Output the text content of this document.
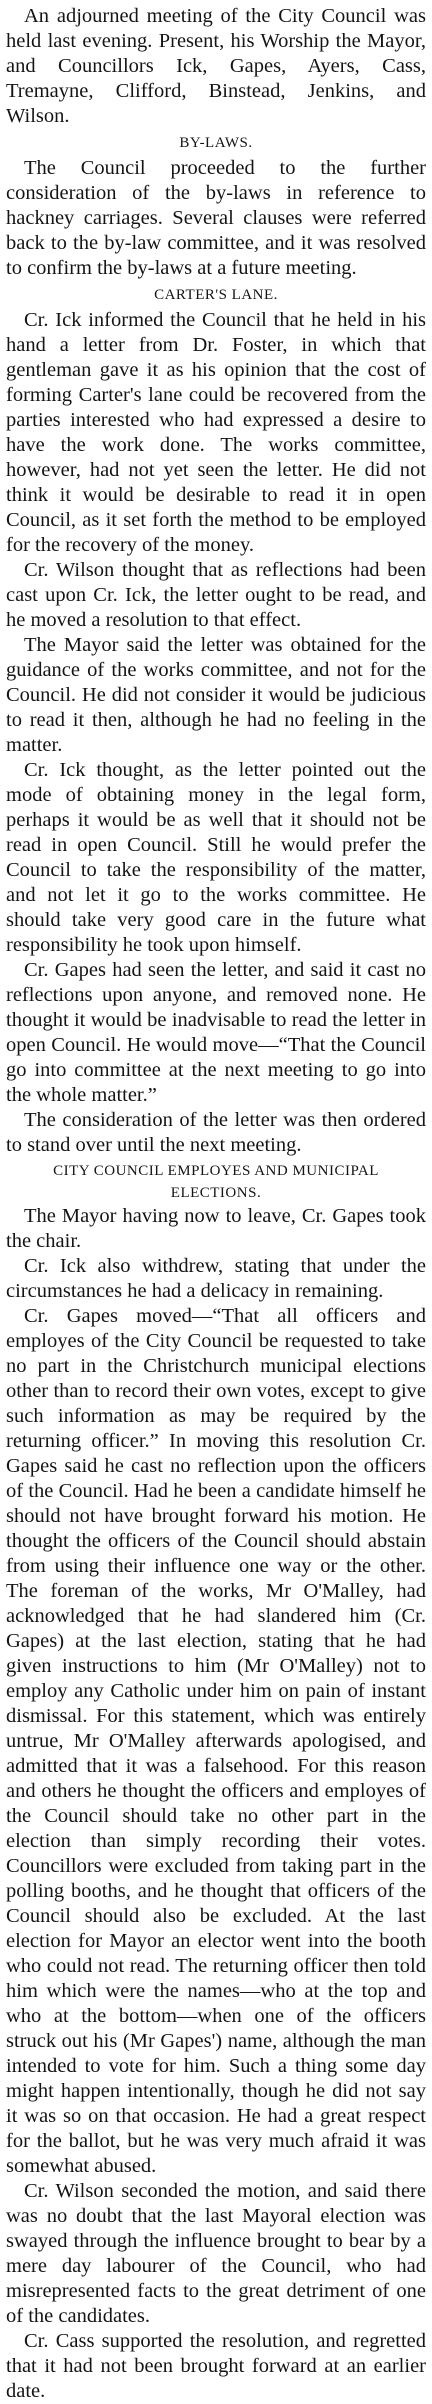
An adjourned meeting of the City Council was held last evening. Present, his Worship the Mayor, and Councillors Ick, Gapes, Ayers, Cass, Tremayne, Clifford, Binstead, Jenkins, and Wilson.

BY-LAWS.

The Council proceeded to the further consideration of the by-laws in reference to hackney carriages. Several clauses were referred back to the by-law committee, and it was resolved to confirm the by-laws at a future meeting.

CARTER'S LANE.

Cr. Ick informed the Council that he held in his hand a letter from Dr. Foster, in which that gentleman gave it as his opinion that the cost of forming Carter's lane could be recovered from the parties interested who had expressed a desire to have the work done. The works committee, however, had not yet seen the letter. He did not think it would be desirable to read it in open Council, as it set forth the method to be employed for the recovery of the money.

Cr. Wilson thought that as reflections had been cast upon Cr. Ick, the letter ought to be read, and he moved a resolution to that effect.

The Mayor said the letter was obtained for the guidance of the works committee, and not for the Council. He did not consider it would be judicious to read it then, although he had no feeling in the matter.

Cr. Ick thought, as the letter pointed out the mode of obtaining money in the legal form, perhaps it would be as well that it should not be read in open Council. Still he would prefer the Council to take the responsibility of the matter, and not let it go to the works committee. He should take very good care in the future what responsibility he took upon himself.

Cr. Gapes had seen the letter, and said it cast no reflections upon anyone, and removed none. He thought it would be inadvisable to read the letter in open Council. He would move—“That the Council go into committee at the next meeting to go into the whole matter.”

The consideration of the letter was then ordered to stand over until the next meeting.

CITY COUNCIL EMPLOYES AND MUNICIPAL ELECTIONS.

The Mayor having now to leave, Cr. Gapes took the chair.

Cr. Ick also withdrew, stating that under the circumstances he had a delicacy in remaining.

Cr. Gapes moved—“That all officers and employes of the City Council be requested to take no part in the Christchurch municipal elections other than to record their own votes, except to give such information as may be required by the returning officer.” In moving this resolution Cr. Gapes said he cast no reflection upon the officers of the Council. Had he been a candidate himself he should not have brought forward his motion. He thought the officers of the Council should abstain from using their influence one way or the other. The foreman of the works, Mr O'Malley, had acknowledged that he had slandered him (Cr. Gapes) at the last election, stating that he had given instructions to him (Mr O'Malley) not to employ any Catholic under him on pain of instant dismissal. For this statement, which was entirely untrue, Mr O'Malley afterwards apologised, and admitted that it was a falsehood. For this reason and others he thought the officers and employes of the Council should take no other part in the election than simply recording their votes. Councillors were excluded from taking part in the polling booths, and he thought that officers of the Council should also be excluded. At the last election for Mayor an elector went into the booth who could not read. The returning officer then told him which were the names—who at the top and who at the bottom—when one of the officers struck out his (Mr Gapes') name, although the man intended to vote for him. Such a thing some day might happen intentionally, though he did not say it was so on that occasion. He had a great respect for the ballot, but he was very much afraid it was somewhat abused.

Cr. Wilson seconded the motion, and said there was no doubt that the last Mayoral election was swayed through the influence brought to bear by a mere day labourer of the Council, who had misrepresented facts to the great detriment of one of the candidates.

Cr. Cass supported the resolution, and regretted that it had not been brought forward at an earlier date.
